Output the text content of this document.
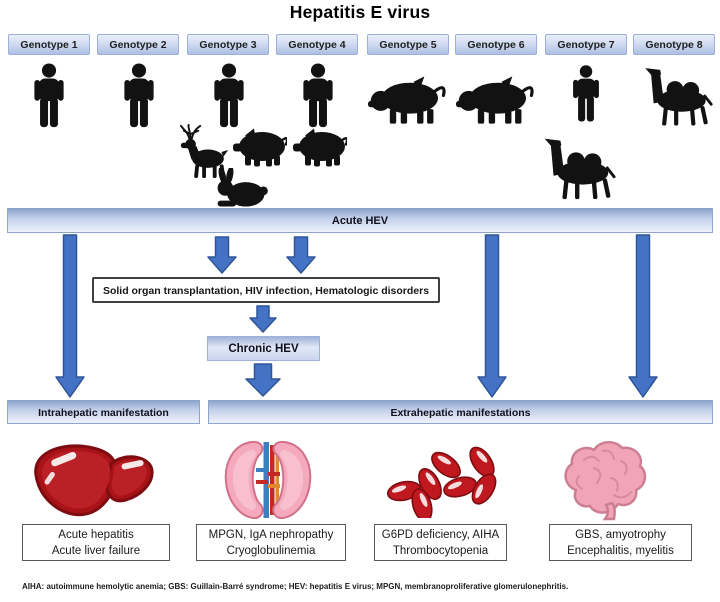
Hepatitis E virus
Genotype 1	Genotype 2	Genotype 3	Genotype 4	Genotype 5	Genotype 6	Genotype 7	Genotype 8
Acute HEV
Solid organ transplantation, HIV infection, Hematologic disorders
Chronic HEV
Intrahepatic manifestation	Extrahepatic manifestations
Acute hepatitis
Acute liver failure
MPGN, IgA nephropathy
Cryoglobulinemia
G6PD deficiency, AIHA
Thrombocytopenia
GBS, amyotrophy
Encephalitis, myelitis
AIHA: autoimmune hemolytic anemia; GBS: Guillain-Barré syndrome; HEV: hepatitis E virus; MPGN, membranoproliferative glomerulonephritis.
